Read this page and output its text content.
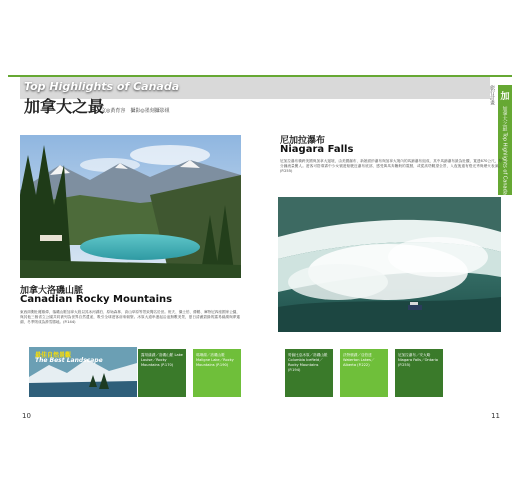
Top Highlights of Canada
加拿大之最
文◎黃育容　攝影◎墨刻攝影組
加
加拿大之最 Top Highlights of Canada
旅行計畫
加拿大洛磯山脈
Canadian Rocky Mountains
東西兩側壯麗雄偉，落磯山脈加拿大段以其冰河湖泊、原始森林、高山草原等景致聞名於世。班夫、傑士伯、優鶴、庫特尼四座國家公園，與其他三個省立公園共同被列為世界自然遺產，吸引全球遊客前來朝聖。冰原大道串連起沿途無數美景，夏日清澈碧綠的露易絲湖與夢蓮湖，冬季則成為滑雪勝地。(P.144)
尼加拉瀑布
Niagara Falls
尼加拉瀑布橫跨美國與加拿大邊境，由美國瀑布、新娘面紗瀑布與加拿大境內的馬蹄瀑布組成，其中馬蹄瀑布最為壯觀，寬達670公尺，每分鐘流量驚人。遊客可搭乘霧中少女號遊船駛近瀑布底部，感受萬馬奔騰般的震撼，或從高塔眺望全景，入夜後還有燈光秀與煙火表演。(P.255)
最佳自然景觀
The Best Landscape
露易絲湖／洛磯山脈 Lake Louise／Rocky Mountains (P.170)
瑪琳湖／洛磯山脈 Maligne Lake／Rocky Mountains (P.190)
哥倫比亞冰原／洛磯山脈 Columbia Icefield／Rocky Mountains (P.194)
沃特頓湖／亞伯達 Waterton Lakes／Alberta (P.222)
尼加拉瀑布／安大略 Niagara Falls／Ontario (P.255)
10	11
